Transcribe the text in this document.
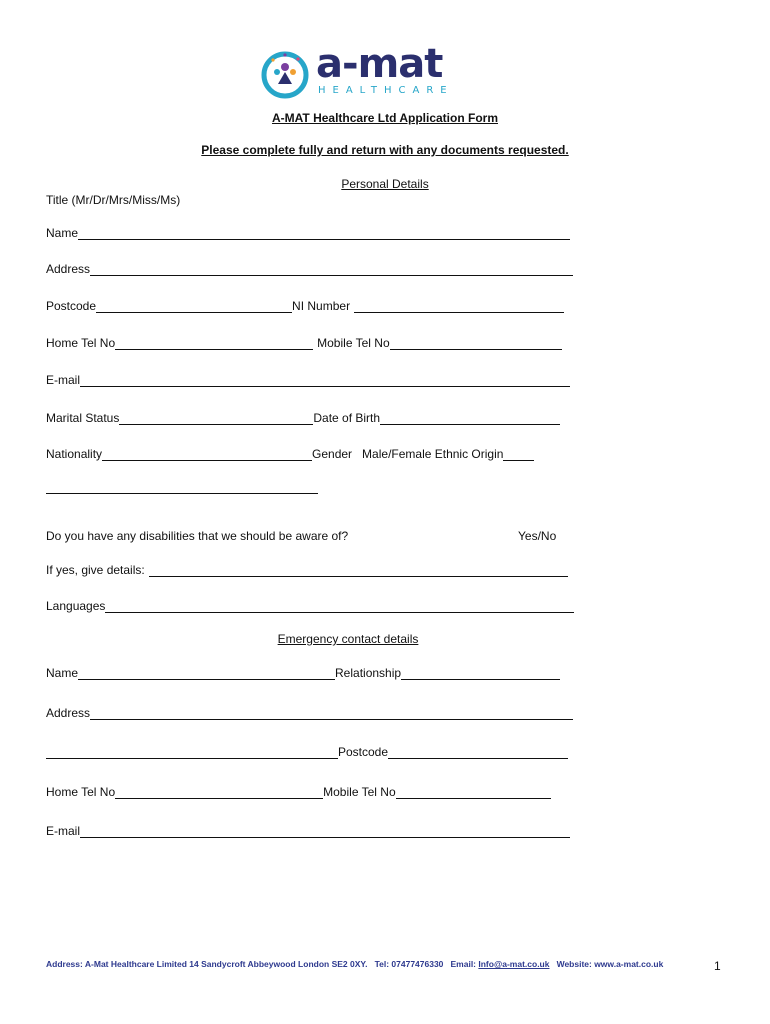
a-mat
HEALTHCARE
A-MAT Healthcare Ltd Application Form
Please complete fully and return with any documents requested.
Personal Details
Title (Mr/Dr/Mrs/Miss/Ms)
Name
Address
Postcode	NI Number
Home Tel No	Mobile Tel No
E-mail
Marital Status	Date of Birth
Nationality	Gender   Male/Female Ethnic Origin
Do you have any disabilities that we should be aware of?	Yes/No
If yes, give details:
Languages
Emergency contact details
Name	Relationship
Address
Postcode
Home Tel No	Mobile Tel No
E-mail
Address: A-Mat Healthcare Limited 14 Sandycroft Abbeywood London SE2 0XY.   Tel: 07477476330   Email: Info@a-mat.co.uk   Website: www.a-mat.co.uk	1
